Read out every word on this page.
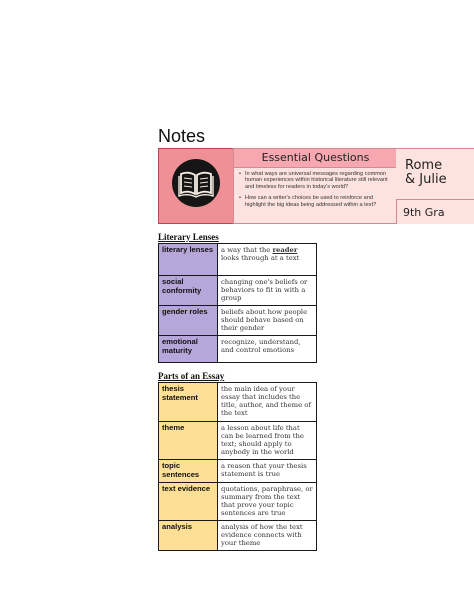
Notes
Essential Questions
• In what ways are universal messages regarding common human experiences within historical literature still relevant and timeless for readers in today's world?
• How can a writer's choices be used to reinforce and highlight the big ideas being addressed within a text?
Rome
& Julie
9th Gra
Literary Lenses
literary lenses	a way that the reader looks through at a text
social conformity	changing one's beliefs or behaviors to fit in with a group
gender roles	beliefs about how people should behave based on their gender
emotional maturity	recognize, understand, and control emotions
Parts of an Essay
thesis statement	the main idea of your essay that includes the title, author, and theme of the text
theme	a lesson about life that can be learned from the text; should apply to anybody in the world
topic sentences	a reason that your thesis statement is true
text evidence	quotations, paraphrase, or summary from the text that prove your topic sentences are true
analysis	analysis of how the text evidence connects with your theme
